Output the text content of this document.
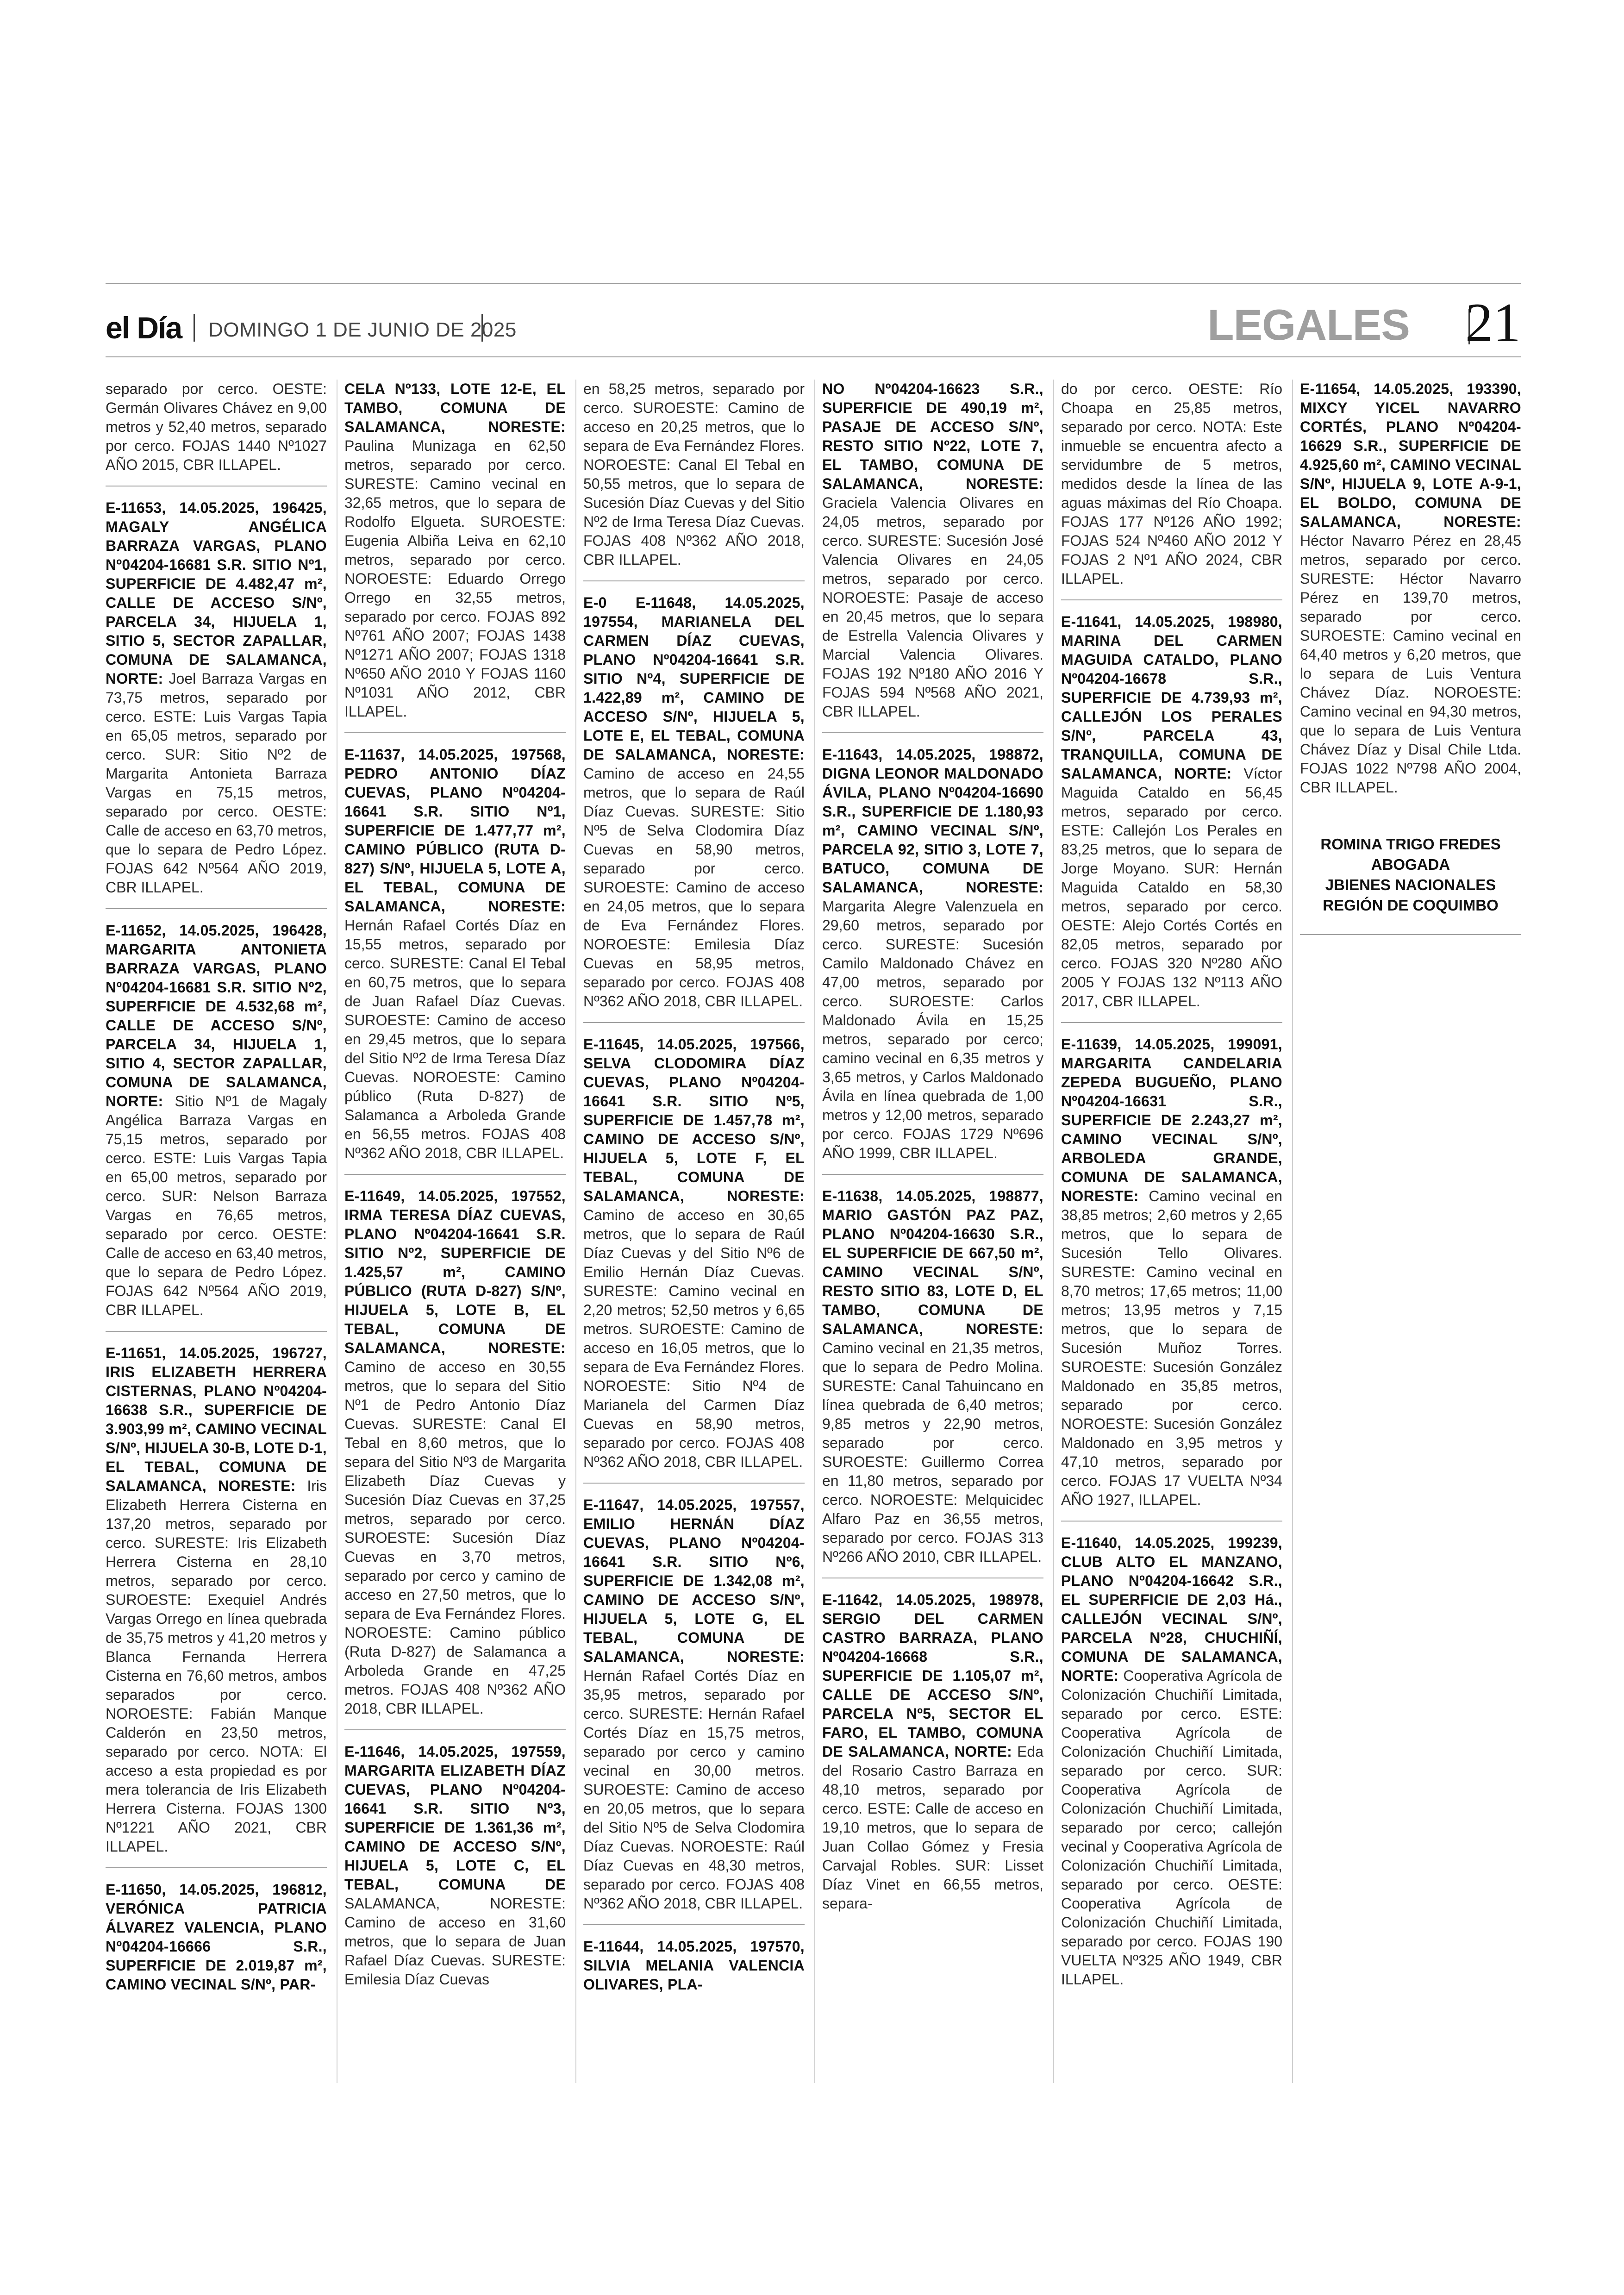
el Día DOMINGO 1 DE JUNIO DE 2025	LEGALES 21
separado por cerco. OESTE: Germán Olivares Chávez en 9,00 metros y 52,40 metros, separado por cerco. FOJAS 1440 Nº1027 AÑO 2015, CBR ILLAPEL.
E-11653, 14.05.2025, 196425, MAGALY ANGÉLICA BARRAZA VARGAS, PLANO Nº04204-16681 S.R. SITIO Nº1, SUPERFICIE DE 4.482,47 m², CALLE DE ACCESO S/Nº, PARCELA 34, HIJUELA 1, SITIO 5, SECTOR ZAPALLAR, COMUNA DE SALAMANCA, NORTE: Joel Barraza Vargas en 73,75 metros, separado por cerco. ESTE: Luis Vargas Tapia en 65,05 metros, separado por cerco. SUR: Sitio Nº2 de Margarita Antonieta Barraza Vargas en 75,15 metros, separado por cerco. OESTE: Calle de acceso en 63,70 metros, que lo separa de Pedro López. FOJAS 642 Nº564 AÑO 2019, CBR ILLAPEL.
E-11652, 14.05.2025, 196428, MARGARITA ANTONIETA BARRAZA VARGAS, PLANO Nº04204-16681 S.R. SITIO Nº2, SUPERFICIE DE 4.532,68 m², CALLE DE ACCESO S/Nº, PARCELA 34, HIJUELA 1, SITIO 4, SECTOR ZAPALLAR, COMUNA DE SALAMANCA, NORTE: Sitio Nº1 de Magaly Angélica Barraza Vargas en 75,15 metros, separado por cerco. ESTE: Luis Vargas Tapia en 65,00 metros, separado por cerco. SUR: Nelson Barraza Vargas en 76,65 metros, separado por cerco. OESTE: Calle de acceso en 63,40 metros, que lo separa de Pedro López. FOJAS 642 Nº564 AÑO 2019, CBR ILLAPEL.
E-11651, 14.05.2025, 196727, IRIS ELIZABETH HERRERA CISTERNAS, PLANO Nº04204-16638 S.R., SUPERFICIE DE 3.903,99 m², CAMINO VECINAL S/Nº, HIJUELA 30-B, LOTE D-1, EL TEBAL, COMUNA DE SALAMANCA, NORESTE: Iris Elizabeth Herrera Cisterna en 137,20 metros, separado por cerco. SURESTE: Iris Elizabeth Herrera Cisterna en 28,10 metros, separado por cerco. SUROESTE: Exequiel Andrés Vargas Orrego en línea quebrada de 35,75 metros y 41,20 metros y Blanca Fernanda Herrera Cisterna en 76,60 metros, ambos separados por cerco. NOROESTE: Fabián Manque Calderón en 23,50 metros, separado por cerco. NOTA: El acceso a esta propiedad es por mera tolerancia de Iris Elizabeth Herrera Cisterna. FOJAS 1300 Nº1221 AÑO 2021, CBR ILLAPEL.
E-11650, 14.05.2025, 196812, VERÓNICA PATRICIA ÁLVAREZ VALENCIA, PLANO Nº04204-16666 S.R., SUPERFICIE DE 2.019,87 m², CAMINO VECINAL S/Nº, PAR-
CELA Nº133, LOTE 12-E, EL TAMBO, COMUNA DE SALAMANCA, NORESTE: Paulina Munizaga en 62,50 metros, separado por cerco. SURESTE: Camino vecinal en 32,65 metros, que lo separa de Rodolfo Elgueta. SUROESTE: Eugenia Albiña Leiva en 62,10 metros, separado por cerco. NOROESTE: Eduardo Orrego Orrego en 32,55 metros, separado por cerco. FOJAS 892 Nº761 AÑO 2007; FOJAS 1438 Nº1271 AÑO 2007; FOJAS 1318 Nº650 AÑO 2010 Y FOJAS 1160 Nº1031 AÑO 2012, CBR ILLAPEL.
E-11637, 14.05.2025, 197568, PEDRO ANTONIO DÍAZ CUEVAS, PLANO Nº04204-16641 S.R. SITIO Nº1, SUPERFICIE DE 1.477,77 m², CAMINO PÚBLICO (RUTA D-827) S/Nº, HIJUELA 5, LOTE A, EL TEBAL, COMUNA DE SALAMANCA, NORESTE: Hernán Rafael Cortés Díaz en 15,55 metros, separado por cerco. SURESTE: Canal El Tebal en 60,75 metros, que lo separa de Juan Rafael Díaz Cuevas. SUROESTE: Camino de acceso en 29,45 metros, que lo separa del Sitio Nº2 de Irma Teresa Díaz Cuevas. NOROESTE: Camino público (Ruta D-827) de Salamanca a Arboleda Grande en 56,55 metros. FOJAS 408 Nº362 AÑO 2018, CBR ILLAPEL.
E-11649, 14.05.2025, 197552, IRMA TERESA DÍAZ CUEVAS, PLANO Nº04204-16641 S.R. SITIO Nº2, SUPERFICIE DE 1.425,57 m², CAMINO PÚBLICO (RUTA D-827) S/Nº, HIJUELA 5, LOTE B, EL TEBAL, COMUNA DE SALAMANCA, NORESTE: Camino de acceso en 30,55 metros, que lo separa del Sitio Nº1 de Pedro Antonio Díaz Cuevas. SURESTE: Canal El Tebal en 8,60 metros, que lo separa del Sitio Nº3 de Margarita Elizabeth Díaz Cuevas y Sucesión Díaz Cuevas en 37,25 metros, separado por cerco. SUROESTE: Sucesión Díaz Cuevas en 3,70 metros, separado por cerco y camino de acceso en 27,50 metros, que lo separa de Eva Fernández Flores. NOROESTE: Camino público (Ruta D-827) de Salamanca a Arboleda Grande en 47,25 metros. FOJAS 408 Nº362 AÑO 2018, CBR ILLAPEL.
E-11646, 14.05.2025, 197559, MARGARITA ELIZABETH DÍAZ CUEVAS, PLANO Nº04204-16641 S.R. SITIO Nº3, SUPERFICIE DE 1.361,36 m², CAMINO DE ACCESO S/Nº, HIJUELA 5, LOTE C, EL TEBAL, COMUNA DE SALAMANCA, NORESTE: Camino de acceso en 31,60 metros, que lo separa de Juan Rafael Díaz Cuevas. SURESTE: Emilesia Díaz Cuevas
en 58,25 metros, separado por cerco. SUROESTE: Camino de acceso en 20,25 metros, que lo separa de Eva Fernández Flores. NOROESTE: Canal El Tebal en 50,55 metros, que lo separa de Sucesión Díaz Cuevas y del Sitio Nº2 de Irma Teresa Díaz Cuevas. FOJAS 408 Nº362 AÑO 2018, CBR ILLAPEL.
E-0 E-11648, 14.05.2025, 197554, MARIANELA DEL CARMEN DÍAZ CUEVAS, PLANO Nº04204-16641 S.R. SITIO Nº4, SUPERFICIE DE 1.422,89 m², CAMINO DE ACCESO S/Nº, HIJUELA 5, LOTE E, EL TEBAL, COMUNA DE SALAMANCA, NORESTE: Camino de acceso en 24,55 metros, que lo separa de Raúl Díaz Cuevas. SURESTE: Sitio Nº5 de Selva Clodomira Díaz Cuevas en 58,90 metros, separado por cerco. SUROESTE: Camino de acceso en 24,05 metros, que lo separa de Eva Fernández Flores. NOROESTE: Emilesia Díaz Cuevas en 58,95 metros, separado por cerco. FOJAS 408 Nº362 AÑO 2018, CBR ILLAPEL.
E-11645, 14.05.2025, 197566, SELVA CLODOMIRA DÍAZ CUEVAS, PLANO Nº04204-16641 S.R. SITIO Nº5, SUPERFICIE DE 1.457,78 m², CAMINO DE ACCESO S/Nº, HIJUELA 5, LOTE F, EL TEBAL, COMUNA DE SALAMANCA, NORESTE: Camino de acceso en 30,65 metros, que lo separa de Raúl Díaz Cuevas y del Sitio Nº6 de Emilio Hernán Díaz Cuevas. SURESTE: Camino vecinal en 2,20 metros; 52,50 metros y 6,65 metros. SUROESTE: Camino de acceso en 16,05 metros, que lo separa de Eva Fernández Flores. NOROESTE: Sitio Nº4 de Marianela del Carmen Díaz Cuevas en 58,90 metros, separado por cerco. FOJAS 408 Nº362 AÑO 2018, CBR ILLAPEL.
E-11647, 14.05.2025, 197557, EMILIO HERNÁN DÍAZ CUEVAS, PLANO Nº04204-16641 S.R. SITIO Nº6, SUPERFICIE DE 1.342,08 m², CAMINO DE ACCESO S/Nº, HIJUELA 5, LOTE G, EL TEBAL, COMUNA DE SALAMANCA, NORESTE: Hernán Rafael Cortés Díaz en 35,95 metros, separado por cerco. SURESTE: Hernán Rafael Cortés Díaz en 15,75 metros, separado por cerco y camino vecinal en 30,00 metros. SUROESTE: Camino de acceso en 20,05 metros, que lo separa del Sitio Nº5 de Selva Clodomira Díaz Cuevas. NOROESTE: Raúl Díaz Cuevas en 48,30 metros, separado por cerco. FOJAS 408 Nº362 AÑO 2018, CBR ILLAPEL.
E-11644, 14.05.2025, 197570, SILVIA MELANIA VALENCIA OLIVARES, PLA-
NO Nº04204-16623 S.R., SUPERFICIE DE 490,19 m², PASAJE DE ACCESO S/Nº, RESTO SITIO Nº22, LOTE 7, EL TAMBO, COMUNA DE SALAMANCA, NORESTE: Graciela Valencia Olivares en 24,05 metros, separado por cerco. SURESTE: Sucesión José Valencia Olivares en 24,05 metros, separado por cerco. NOROESTE: Pasaje de acceso en 20,45 metros, que lo separa de Estrella Valencia Olivares y Marcial Valencia Olivares. FOJAS 192 Nº180 AÑO 2016 Y FOJAS 594 Nº568 AÑO 2021, CBR ILLAPEL.
E-11643, 14.05.2025, 198872, DIGNA LEONOR MALDONADO ÁVILA, PLANO Nº04204-16690 S.R., SUPERFICIE DE 1.180,93 m², CAMINO VECINAL S/Nº, PARCELA 92, SITIO 3, LOTE 7, BATUCO, COMUNA DE SALAMANCA, NORESTE: Margarita Alegre Valenzuela en 29,60 metros, separado por cerco. SURESTE: Sucesión Camilo Maldonado Chávez en 47,00 metros, separado por cerco. SUROESTE: Carlos Maldonado Ávila en 15,25 metros, separado por cerco; camino vecinal en 6,35 metros y 3,65 metros, y Carlos Maldonado Ávila en línea quebrada de 1,00 metros y 12,00 metros, separado por cerco. FOJAS 1729 Nº696 AÑO 1999, CBR ILLAPEL.
E-11638, 14.05.2025, 198877, MARIO GASTÓN PAZ PAZ, PLANO Nº04204-16630 S.R., EL SUPERFICIE DE 667,50 m², CAMINO VECINAL S/Nº, RESTO SITIO 83, LOTE D, EL TAMBO, COMUNA DE SALAMANCA, NORESTE: Camino vecinal en 21,35 metros, que lo separa de Pedro Molina. SURESTE: Canal Tahuincano en línea quebrada de 6,40 metros; 9,85 metros y 22,90 metros, separado por cerco. SUROESTE: Guillermo Correa en 11,80 metros, separado por cerco. NOROESTE: Melquicidec Alfaro Paz en 36,55 metros, separado por cerco. FOJAS 313 Nº266 AÑO 2010, CBR ILLAPEL.
E-11642, 14.05.2025, 198978, SERGIO DEL CARMEN CASTRO BARRAZA, PLANO Nº04204-16668 S.R., SUPERFICIE DE 1.105,07 m², CALLE DE ACCESO S/Nº, PARCELA Nº5, SECTOR EL FARO, EL TAMBO, COMUNA DE SALAMANCA, NORTE: Eda del Rosario Castro Barraza en 48,10 metros, separado por cerco. ESTE: Calle de acceso en 19,10 metros, que lo separa de Juan Collao Gómez y Fresia Carvajal Robles. SUR: Lisset Díaz Vinet en 66,55 metros, separa-
do por cerco. OESTE: Río Choapa en 25,85 metros, separado por cerco. NOTA: Este inmueble se encuentra afecto a servidumbre de 5 metros, medidos desde la línea de las aguas máximas del Río Choapa. FOJAS 177 Nº126 AÑO 1992; FOJAS 524 Nº460 AÑO 2012 Y FOJAS 2 Nº1 AÑO 2024, CBR ILLAPEL.
E-11641, 14.05.2025, 198980, MARINA DEL CARMEN MAGUIDA CATALDO, PLANO Nº04204-16678 S.R., SUPERFICIE DE 4.739,93 m², CALLEJÓN LOS PERALES S/Nº, PARCELA 43, TRANQUILLA, COMUNA DE SALAMANCA, NORTE: Víctor Maguida Cataldo en 56,45 metros, separado por cerco. ESTE: Callejón Los Perales en 83,25 metros, que lo separa de Jorge Moyano. SUR: Hernán Maguida Cataldo en 58,30 metros, separado por cerco. OESTE: Alejo Cortés Cortés en 82,05 metros, separado por cerco. FOJAS 320 Nº280 AÑO 2005 Y FOJAS 132 Nº113 AÑO 2017, CBR ILLAPEL.
E-11639, 14.05.2025, 199091, MARGARITA CANDELARIA ZEPEDA BUGUEÑO, PLANO Nº04204-16631 S.R., SUPERFICIE DE 2.243,27 m², CAMINO VECINAL S/Nº, ARBOLEDA GRANDE, COMUNA DE SALAMANCA, NORESTE: Camino vecinal en 38,85 metros; 2,60 metros y 2,65 metros, que lo separa de Sucesión Tello Olivares. SURESTE: Camino vecinal en 8,70 metros; 17,65 metros; 11,00 metros; 13,95 metros y 7,15 metros, que lo separa de Sucesión Muñoz Torres. SUROESTE: Sucesión González Maldonado en 35,85 metros, separado por cerco. NOROESTE: Sucesión González Maldonado en 3,95 metros y 47,10 metros, separado por cerco. FOJAS 17 VUELTA Nº34 AÑO 1927, ILLAPEL.
E-11640, 14.05.2025, 199239, CLUB ALTO EL MANZANO, PLANO Nº04204-16642 S.R., EL SUPERFICIE DE 2,03 Há., CALLEJÓN VECINAL S/Nº, PARCELA Nº28, CHUCHIÑÍ, COMUNA DE SALAMANCA, NORTE: Cooperativa Agrícola de Colonización Chuchiñí Limitada, separado por cerco. ESTE: Cooperativa Agrícola de Colonización Chuchiñí Limitada, separado por cerco. SUR: Cooperativa Agrícola de Colonización Chuchiñí Limitada, separado por cerco; callejón vecinal y Cooperativa Agrícola de Colonización Chuchiñí Limitada, separado por cerco. OESTE: Cooperativa Agrícola de Colonización Chuchiñí Limitada, separado por cerco. FOJAS 190 VUELTA Nº325 AÑO 1949, CBR ILLAPEL.
E-11654, 14.05.2025, 193390, MIXCY YICEL NAVARRO CORTÉS, PLANO Nº04204-16629 S.R., SUPERFICIE DE 4.925,60 m², CAMINO VECINAL S/Nº, HIJUELA 9, LOTE A-9-1, EL BOLDO, COMUNA DE SALAMANCA, NORESTE: Héctor Navarro Pérez en 28,45 metros, separado por cerco. SURESTE: Héctor Navarro Pérez en 139,70 metros, separado por cerco. SUROESTE: Camino vecinal en 64,40 metros y 6,20 metros, que lo separa de Luis Ventura Chávez Díaz. NOROESTE: Camino vecinal en 94,30 metros, que lo separa de Luis Ventura Chávez Díaz y Disal Chile Ltda. FOJAS 1022 Nº798 AÑO 2004, CBR ILLAPEL.
ROMINA TRIGO FREDES
ABOGADA
JBIENES NACIONALES
REGIÓN DE COQUIMBO
